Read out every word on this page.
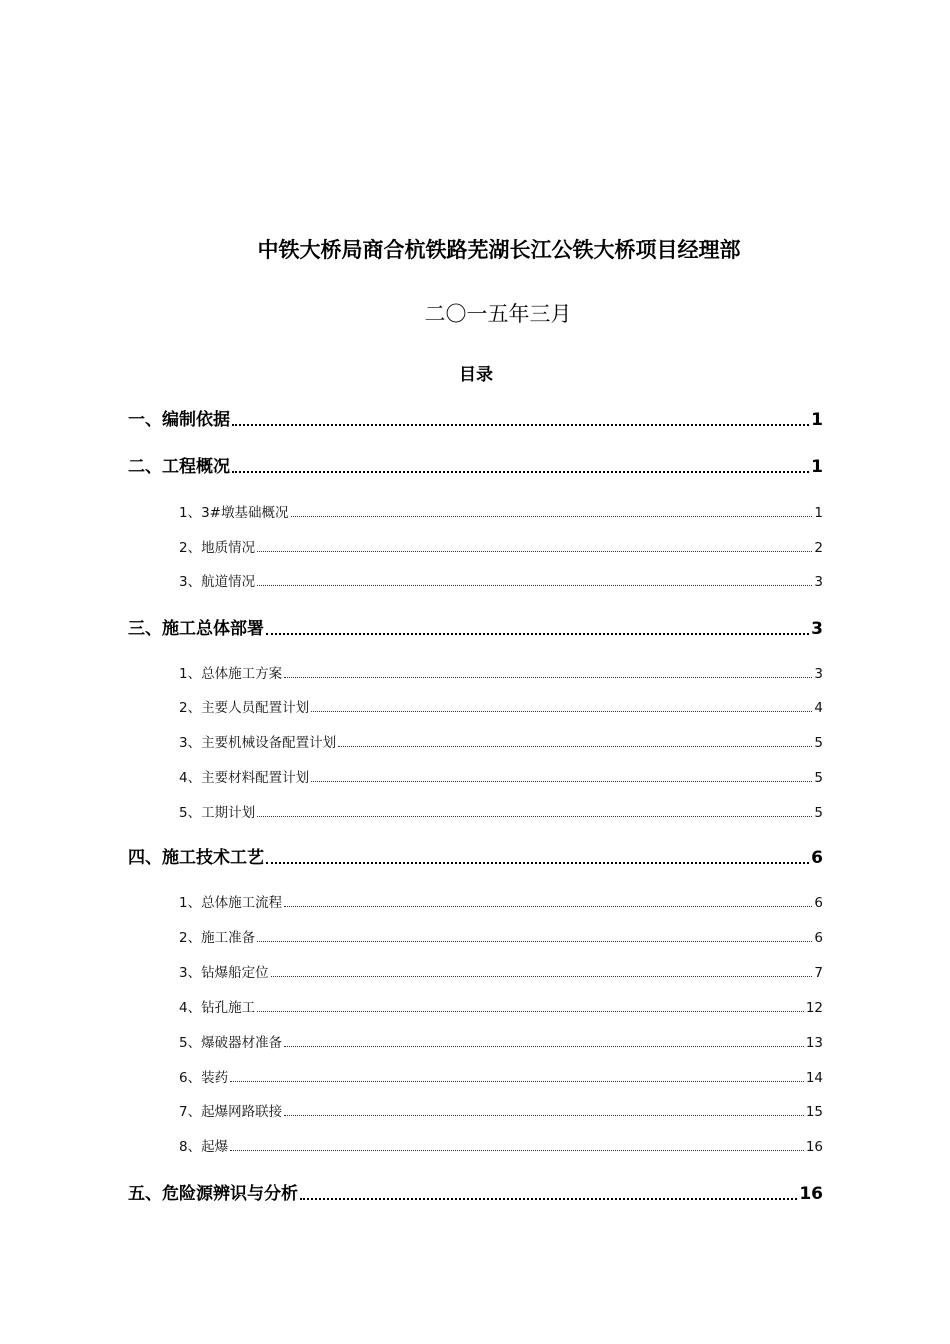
中铁大桥局商合杭铁路芜湖长江公铁大桥项目经理部
二〇一五年三月
目录
一、编制依据	1
二、工程概况	1
1、3#墩基础概况	1
2、地质情况	2
3、航道情况	3
三、施工总体部署	3
1、总体施工方案	3
2、主要人员配置计划	4
3、主要机械设备配置计划	5
4、主要材料配置计划	5
5、工期计划	5
四、施工技术工艺	6
1、总体施工流程	6
2、施工准备	6
3、钻爆船定位	7
4、钻孔施工	12
5、爆破器材准备	13
6、装药	14
7、起爆网路联接	15
8、起爆	16
五、危险源辨识与分析	16
